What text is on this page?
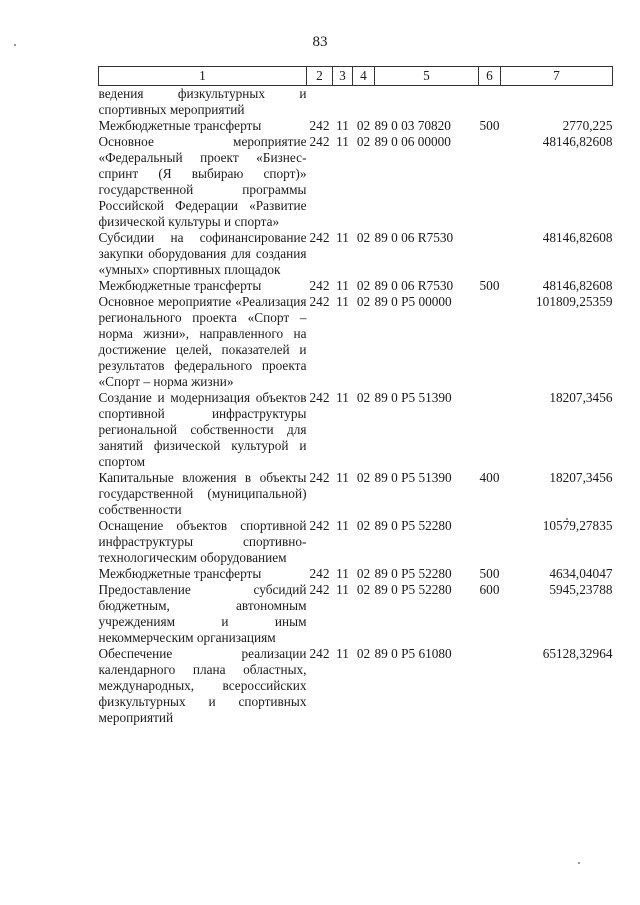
83
1	2	3	4	5	6	7
ведения физкультурных и спортивных мероприятий						
Межбюджетные трансферты	242	11	02	89 0 03 70820	500	2770,225
Основное мероприятие «Федеральный проект «Бизнес-спринт (Я выбираю спорт)» государственной программы Российской Федерации «Развитие физической культуры и спорта»	242	11	02	89 0 06 00000		48146,82608
Субсидии на софинансирование закупки оборудования для создания «умных» спортивных площадок	242	11	02	89 0 06 R7530		48146,82608
Межбюджетные трансферты	242	11	02	89 0 06 R7530	500	48146,82608
Основное мероприятие «Реализация регионального проекта «Спорт – норма жизни», направленного на достижение целей, показателей и результатов федерального проекта «Спорт – норма жизни»	242	11	02	89 0 P5 00000		101809,25359
Создание и модернизация объектов спортивной инфраструктуры региональной собственности для занятий физической культурой и спортом	242	11	02	89 0 P5 51390		18207,3456
Капитальные вложения в объекты государственной (муниципальной) собственности	242	11	02	89 0 P5 51390	400	18207,3456
Оснащение объектов спортивной инфраструктуры спортивно-технологическим оборудованием	242	11	02	89 0 P5 52280		10579,27835
Межбюджетные трансферты	242	11	02	89 0 P5 52280	500	4634,04047
Предоставление субсидий бюджетным, автономным учреждениям и иным некоммерческим организациям	242	11	02	89 0 P5 52280	600	5945,23788
Обеспечение реализации календарного плана областных, международных, всероссийских физкультурных и спортивных мероприятий	242	11	02	89 0 P5 61080		65128,32964
